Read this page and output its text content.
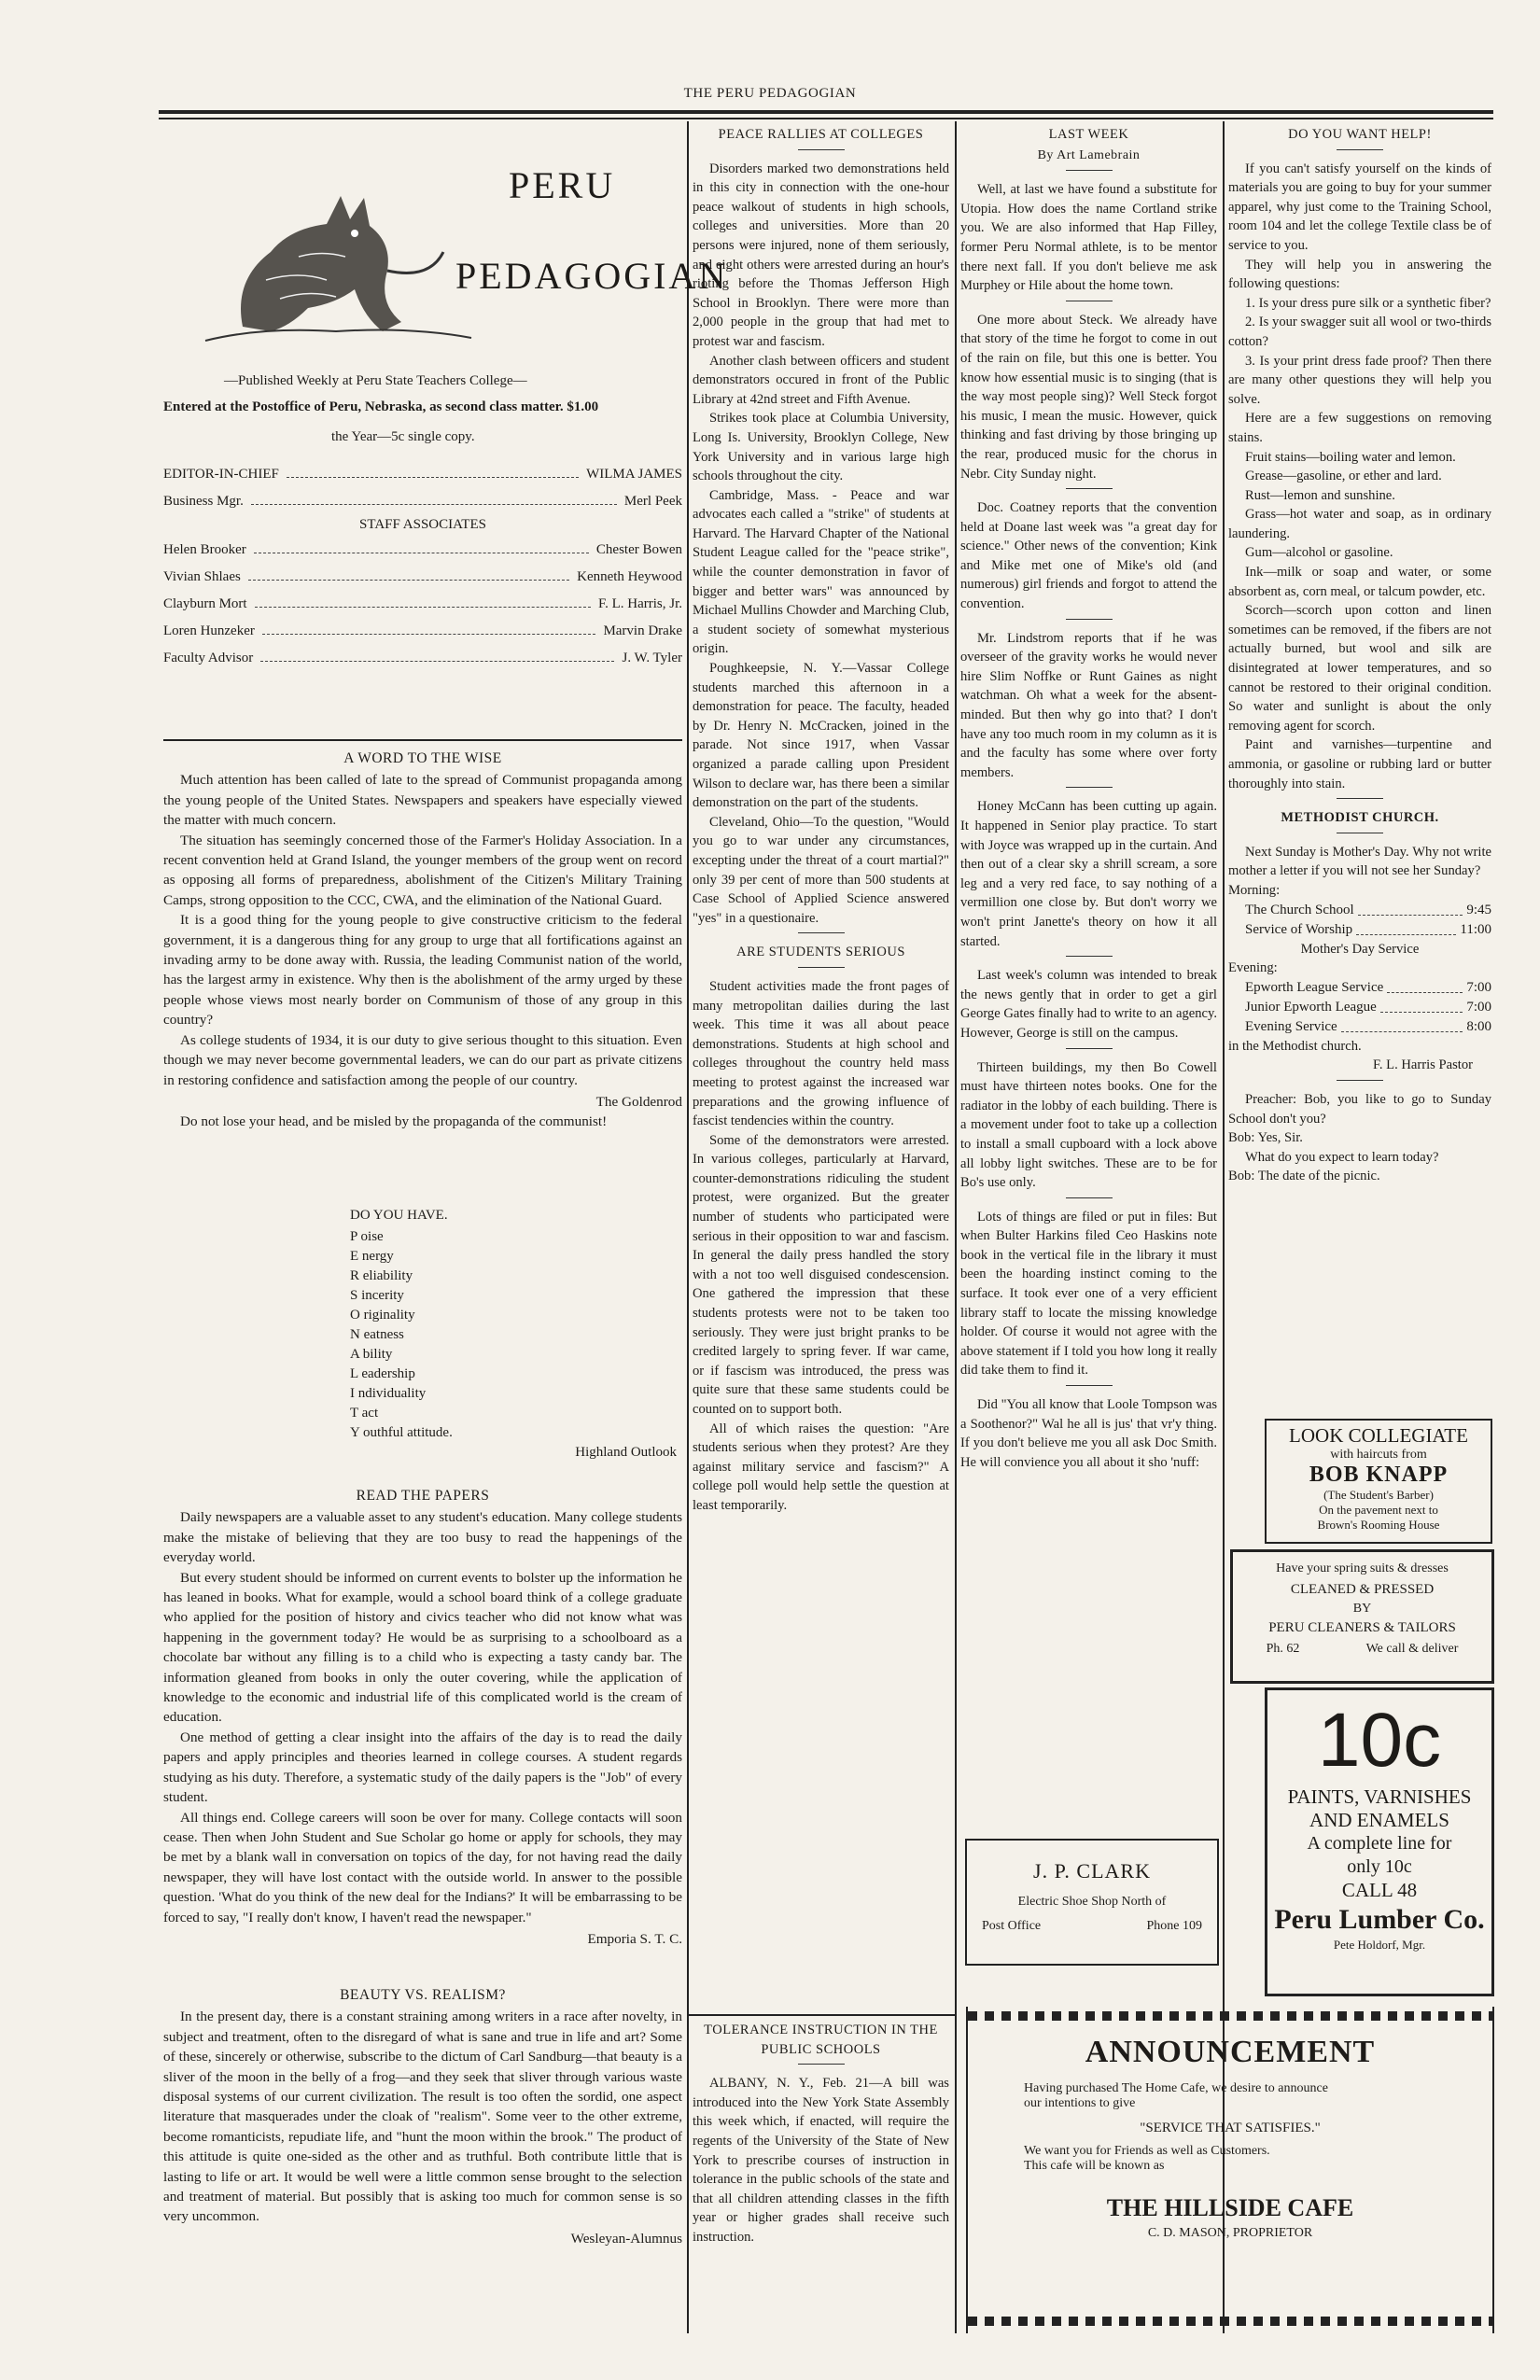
THE PERU PEDAGOGIAN
PERU
PEDAGOGIAN
—Published Weekly at Peru State Teachers College—
Entered at the Postoffice of Peru, Nebraska, as second class matter. $1.00
the Year—5c single copy.
EDITOR-IN-CHIEF	WILMA JAMES
Business Mgr.	Merl Peek
STAFF ASSOCIATES
Helen Brooker	Chester Bowen
Vivian Shlaes	Kenneth Heywood
Clayburn Mort	F. L. Harris, Jr.
Loren Hunzeker	Marvin Drake
Faculty Advisor	J. W. Tyler
A WORD TO THE WISE

Much attention has been called of late to the spread of Communist propaganda among the young people of the United States. Newspapers and speakers have especially viewed the matter with much concern.

The situation has seemingly concerned those of the Farmer's Holiday Association. In a recent convention held at Grand Island, the younger members of the group went on record as opposing all forms of preparedness, abolishment of the Citizen's Military Training Camps, strong opposition to the CCC, CWA, and the elimination of the National Guard.

It is a good thing for the young people to give constructive criticism to the federal government, it is a dangerous thing for any group to urge that all fortifications against an invading army to be done away with. Russia, the leading Communist nation of the world, has the largest army in existence. Why then is the abolishment of the army urged by these people whose views most nearly border on Communism of those of any group in this country?

As college students of 1934, it is our duty to give serious thought to this situation. Even though we may never become governmental leaders, we can do our part as private citizens in restoring confidence and satisfaction among the people of our country.

The Goldenrod

Do not lose your head, and be misled by the propaganda of the communist!

DO YOU HAVE.
P oise
E nergy
R eliability
S incerity
O riginality
N eatness
A bility
L eadership
I ndividuality
T act
Y outhful attitude.
Highland Outlook
READ THE PAPERS

Daily newspapers are a valuable asset to any student's education. Many college students make the mistake of believing that they are too busy to read the happenings of the everyday world.

But every student should be informed on current events to bolster up the information he has leaned in books. What for example, would a school board think of a college graduate who applied for the position of history and civics teacher who did not know what was happening in the government today? He would be as surprising to a schoolboard as a chocolate bar without any filling is to a child who is expecting a tasty candy bar. The information gleaned from books in only the outer covering, while the application of knowledge to the economic and industrial life of this complicated world is the cream of education.

One method of getting a clear insight into the affairs of the day is to read the daily papers and apply principles and theories learned in college courses. A student regards studying as his duty. Therefore, a systematic study of the daily papers is the "Job" of every student.

All things end. College careers will soon be over for many. College contacts will soon cease. Then when John Student and Sue Scholar go home or apply for schools, they may be met by a blank wall in conversation on topics of the day, for not having read the daily newspaper, they will have lost contact with the outside world. In answer to the possible question. 'What do you think of the new deal for the Indians?' It will be embarrassing to be forced to say, "I really don't know, I haven't read the newspaper."

Emporia S. T. C.
BEAUTY VS. REALISM?

In the present day, there is a constant straining among writers in a race after novelty, in subject and treatment, often to the disregard of what is sane and true in life and art? Some of these, sincerely or otherwise, subscribe to the dictum of Carl Sandburg—that beauty is a sliver of the moon in the belly of a frog—and they seek that sliver through various waste disposal systems of our current civilization. The result is too often the sordid, one aspect literature that masquerades under the cloak of "realism". Some veer to the other extreme, become romanticists, repudiate life, and "hunt the moon within the brook." The product of this attitude is quite one-sided as the other and as truthful. Both contribute little that is lasting to life or art. It would be well were a little common sense brought to the selection and treatment of material. But possibly that is asking too much for common sense is so very uncommon.

Wesleyan-Alumnus
PEACE RALLIES AT COLLEGES

Disorders marked two demonstrations held in this city in connection with the one-hour peace walkout of students in high schools, colleges and universities. More than 20 persons were injured, none of them seriously, and eight others were arrested during an hour's rioting before the Thomas Jefferson High School in Brooklyn. There were more than 2,000 people in the group that had met to protest war and fascism.

Another clash between officers and student demonstrators occured in front of the Public Library at 42nd street and Fifth Avenue.

Strikes took place at Columbia University, Long Is. University, Brooklyn College, New York University and in various large high schools throughout the city.

Cambridge, Mass. - Peace and war advocates each called a "strike" of students at Harvard. The Harvard Chapter of the National Student League called for the "peace strike", while the counter demonstration in favor of bigger and better wars" was announced by Michael Mullins Chowder and Marching Club, a student society of somewhat mysterious origin.

Poughkeepsie, N. Y.—Vassar College students marched this afternoon in a demonstration for peace. The faculty, headed by Dr. Henry N. McCracken, joined in the parade. Not since 1917, when Vassar organized a parade calling upon President Wilson to declare war, has there been a similar demonstration on the part of the students.

Cleveland, Ohio—To the question, "Would you go to war under any circumstances, excepting under the threat of a court martial?" only 39 per cent of more than 500 students at Case School of Applied Science answered "yes" in a questionaire.

ARE STUDENTS SERIOUS

Student activities made the front pages of many metropolitan dailies during the last week. This time it was all about peace demonstrations. Students at high school and colleges throughout the country held mass meeting to protest against the increased war preparations and the growing influence of fascist tendencies within the country.

Some of the demonstrators were arrested. In various colleges, particularly at Harvard, counter-demonstrations ridiculing the student protest, were organized. But the greater number of students who participated were serious in their opposition to war and fascism. In general the daily press handled the story with a not too well disguised condescension. One gathered the impression that these students protests were not to be taken too seriously. They were just bright pranks to be credited largely to spring fever. If war came, or if fascism was introduced, the press was quite sure that these same students could be counted on to support both.

All of which raises the question: "Are students serious when they protest? Are they against military service and fascism?" A college poll would help settle the question at least temporarily.

TOLERANCE INSTRUCTION IN THE PUBLIC SCHOOLS

ALBANY, N. Y., Feb. 21—A bill was introduced into the New York State Assembly this week which, if enacted, will require the regents of the University of the State of New York to prescribe courses of instruction in tolerance in the public schools of the state and that all children attending classes in the fifth year or higher grades shall receive such instruction.

LAST WEEK
By Art Lamebrain

Well, at last we have found a substitute for Utopia. How does the name Cortland strike you. We are also informed that Hap Filley, former Peru Normal athlete, is to be mentor there next fall. If you don't believe me ask Murphey or Hile about the home town.

One more about Steck. We already have that story of the time he forgot to come in out of the rain on file, but this one is better. You know how essential music is to singing (that is the way most people sing)? Well Steck forgot his music, I mean the music. However, quick thinking and fast driving by those bringing up the rear, produced music for the chorus in Nebr. City Sunday night.

Doc. Coatney reports that the convention held at Doane last week was "a great day for science." Other news of the convention; Kink and Mike met one of Mike's old (and numerous) girl friends and forgot to attend the convention.

Mr. Lindstrom reports that if he was overseer of the gravity works he would never hire Slim Noffke or Runt Gaines as night watchman. Oh what a week for the absent-minded. But then why go into that? I don't have any too much room in my column as it is and the faculty has some where over forty members.

Honey McCann has been cutting up again. It happened in Senior play practice. To start with Joyce was wrapped up in the curtain. And then out of a clear sky a shrill scream, a sore leg and a very red face, to say nothing of a vermillion one close by. But don't worry we won't print Janette's theory on how it all started.

Last week's column was intended to break the news gently that in order to get a girl George Gates finally had to write to an agency. However, George is still on the campus.

Thirteen buildings, my then Bo Cowell must have thirteen notes books. One for the radiator in the lobby of each building. There is a movement under foot to take up a collection to install a small cupboard with a lock above all lobby light switches. These are to be for Bo's use only.

Lots of things are filed or put in files: But when Bulter Harkins filed Ceo Haskins note book in the vertical file in the library it must been the hoarding instinct coming to the surface. It took ever one of a very efficient library staff to locate the missing knowledge holder. Of course it would not agree with the above statement if I told you how long it really did take them to find it.

Did "You all know that Loole Tompson was a Soothenor?" Wal he all is jus' that vr'y thing. If you don't believe me you all ask Doc Smith. He will convience you all about it sho 'nuff:

J. P. CLARK
Electric Shoe Shop North of
Post Office	Phone 109
DO YOU WANT HELP!

If you can't satisfy yourself on the kinds of materials you are going to buy for your summer apparel, why just come to the Training School, room 104 and let the college Textile class be of service to you.

They will help you in answering the following questions:

1. Is your dress pure silk or a synthetic fiber?

2. Is your swagger suit all wool or two-thirds cotton?

3. Is your print dress fade proof? Then there are many other questions they will help you solve.

Here are a few suggestions on removing stains.

Fruit stains—boiling water and lemon.

Grease—gasoline, or ether and lard.

Rust—lemon and sunshine.

Grass—hot water and soap, as in ordinary laundering.

Gum—alcohol or gasoline.

Ink—milk or soap and water, or some absorbent as, corn meal, or talcum powder, etc.

Scorch—scorch upon cotton and linen sometimes can be removed, if the fibers are not actually burned, but wool and silk are disintegrated at lower temperatures, and so cannot be restored to their original condition. So water and sunlight is about the only removing agent for scorch.

Paint and varnishes—turpentine and ammonia, or gasoline or rubbing lard or butter thoroughly into stain.

METHODIST CHURCH.

Next Sunday is Mother's Day. Why not write mother a letter if you will not see her Sunday?

Morning:
The Church School	9:45
Service of Worship	11:00
Mother's Day Service
Evening:
Epworth League Service	7:00
Junior Epworth League	7:00
Evening Service	8:00
in the Methodist church.
F. L. Harris Pastor

Preacher: Bob, you like to go to Sunday School don't you?

Bob: Yes, Sir.

What do you expect to learn today?

Bob: The date of the picnic.

LOOK COLLEGIATE
with haircuts from
BOB KNAPP
(The Student's Barber)
On the pavement next to
Brown's Rooming House
Have your spring suits & dresses
CLEANED & PRESSED
BY
PERU CLEANERS & TAILORS
Ph. 62	We call & deliver
10c
PAINTS, VARNISHES
AND ENAMELS
A complete line for
only 10c
CALL 48
Peru Lumber Co.
Pete Holdorf, Mgr.
ANNOUNCEMENT
Having purchased The Home Cafe, we desire to announce
our intentions to give
"SERVICE THAT SATISFIES."
We want you for Friends as well as Customers.
This cafe will be known as
THE HILLSIDE CAFE
C. D. MASON, PROPRIETOR
